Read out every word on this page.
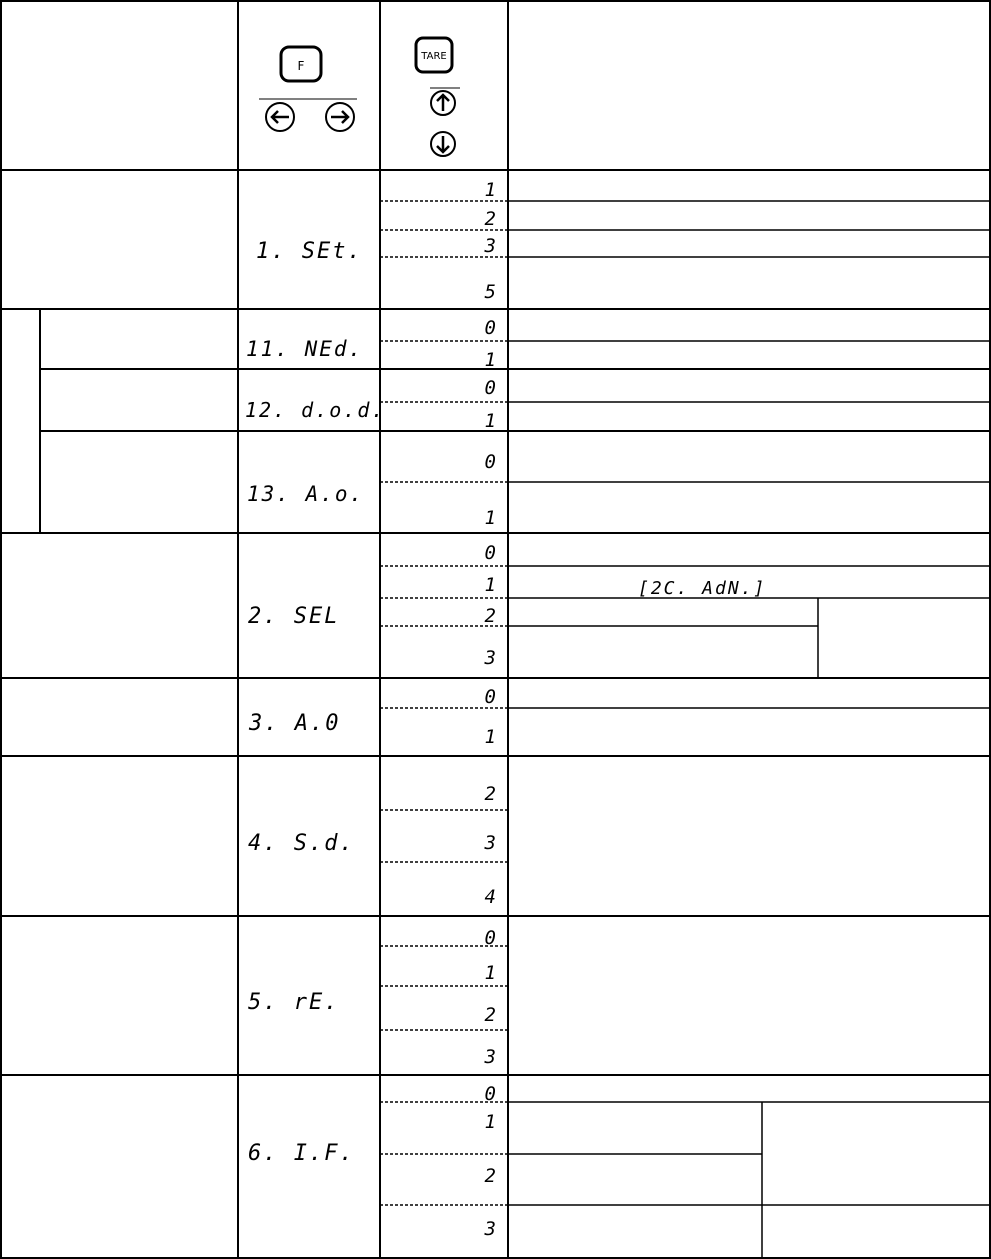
F
TARE
1. SEt.
11. NEd.
12. d.o.d.
13. A.o.
2. SEL
3. A.0
4. S.d.
5. rE.
6. I.F.
1
2
3
5
0
1
0
1
0
1
0
1
2
3
0
1
2
3
4
0
1
2
3
0
1
2
3
[2C. AdN.]
